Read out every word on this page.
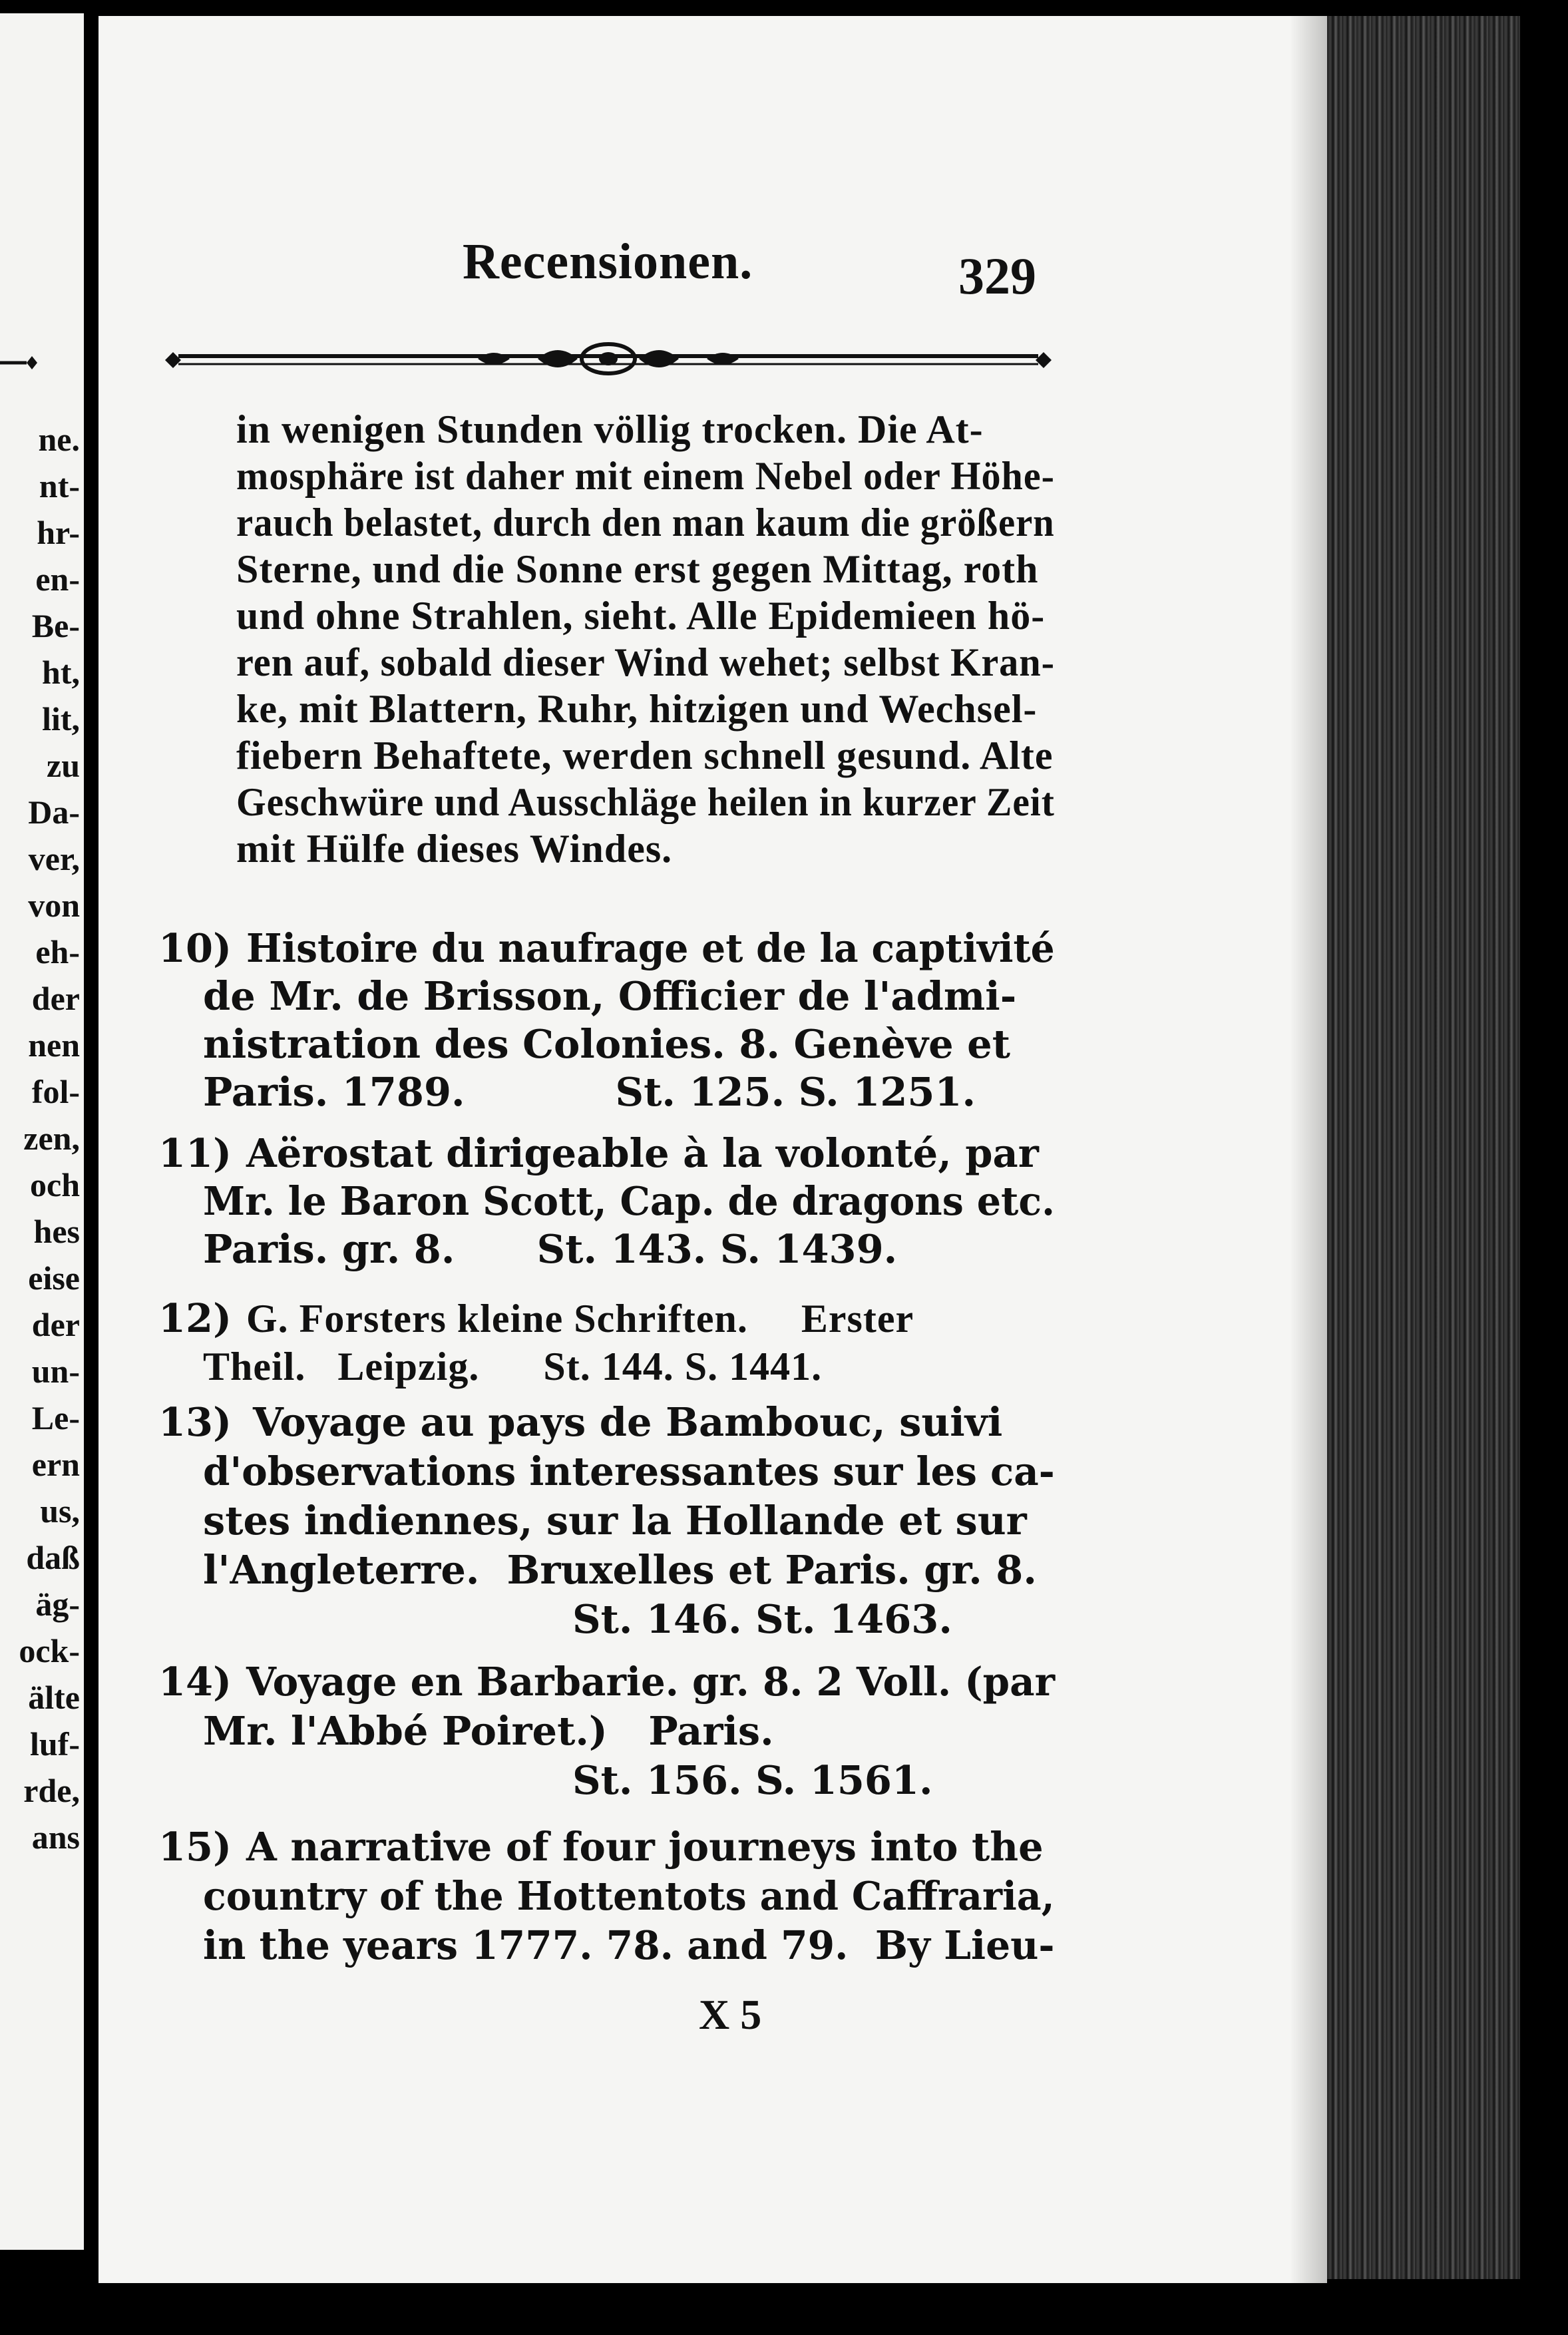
ne.
nt-
hr-
en-
Be-
ht,
lit,
zu
Da-
ver,
von
eh-
der
nen
fol-
zen,
och
hes
eise
der
un-
Le-
ern
us,
daß
äg-
ock-
älte
luf-
rde,
ans
Recensionen.	329
in wenigen Stunden völlig trocken. Die At-
mosphäre ist daher mit einem Nebel oder Höhe-
rauch belastet, durch den man kaum die größern
Sterne, und die Sonne erst gegen Mittag, roth
und ohne Strahlen, sieht. Alle Epidemieen hö-
ren auf, sobald dieser Wind wehet; selbst Kran-
ke, mit Blattern, Ruhr, hitzigen und Wechsel-
fiebern Behaftete, werden schnell gesund. Alte
Geschwüre und Ausschläge heilen in kurzer Zeit
mit Hülfe dieses Windes.
10) Histoire du naufrage et de la captivité
de Mr. de Brisson, Officier de l'admi-
nistration des Colonies. 8. Genève et
Paris. 1789.           St. 125. S. 1251.
11) Aërostat dirigeable à la volonté, par
Mr. le Baron Scott, Cap. de dragons etc.
Paris. gr. 8.      St. 143. S. 1439.
12) G. Forsters kleine Schriften.     Erster
Theil.   Leipzig.      St. 144. S. 1441.
13) Voyage au pays de Bambouc, suivi
d'observations interessantes sur les ca-
stes indiennes, sur la Hollande et sur
l'Angleterre.  Bruxelles et Paris. gr. 8.
St. 146. St. 1463.
14) Voyage en Barbarie. gr. 8. 2 Voll. (par
Mr. l'Abbé Poiret.)   Paris.
St. 156. S. 1561.
15) A narrative of four journeys into the
country of the Hottentots and Caffraria,
in the years 1777. 78. and 79.  By Lieu-
X 5
